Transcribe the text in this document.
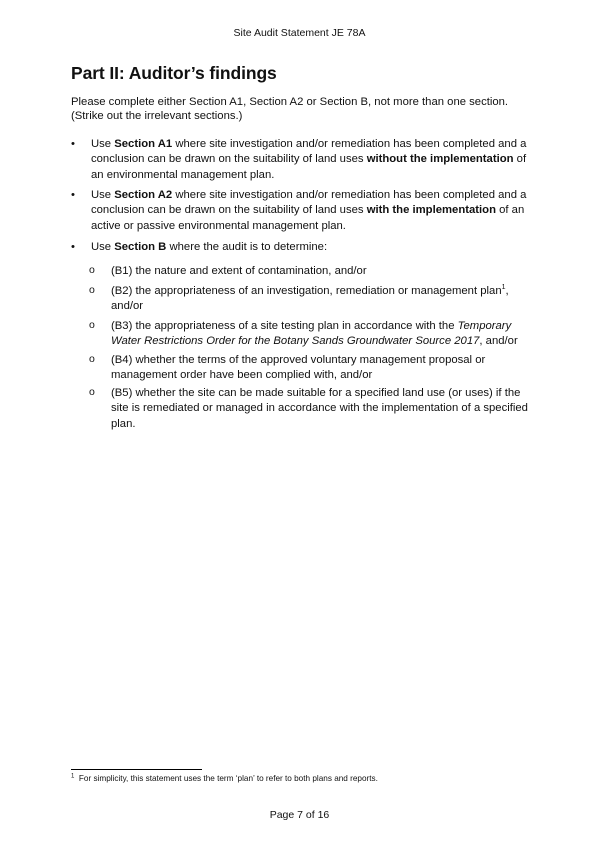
Site Audit Statement JE 78A
Part II: Auditor’s findings
Please complete either Section A1, Section A2 or Section B, not more than one section.
(Strike out the irrelevant sections.)
•	Use Section A1 where site investigation and/or remediation has been completed and a conclusion can be drawn on the suitability of land uses without the implementation of an environmental management plan.
•	Use Section A2 where site investigation and/or remediation has been completed and a conclusion can be drawn on the suitability of land uses with the implementation of an active or passive environmental management plan.
•	Use Section B where the audit is to determine:
o	(B1) the nature and extent of contamination, and/or
o	(B2) the appropriateness of an investigation, remediation or management plan$^1$, and/or
o	(B3) the appropriateness of a site testing plan in accordance with the Temporary Water Restrictions Order for the Botany Sands Groundwater Source 2017, and/or
o	(B4) whether the terms of the approved voluntary management proposal or management order have been complied with, and/or
o	(B5) whether the site can be made suitable for a specified land use (or uses) if the site is remediated or managed in accordance with the implementation of a specified plan.
$^1$ For simplicity, this statement uses the term ‘plan’ to refer to both plans and reports.
Page 7 of 16
